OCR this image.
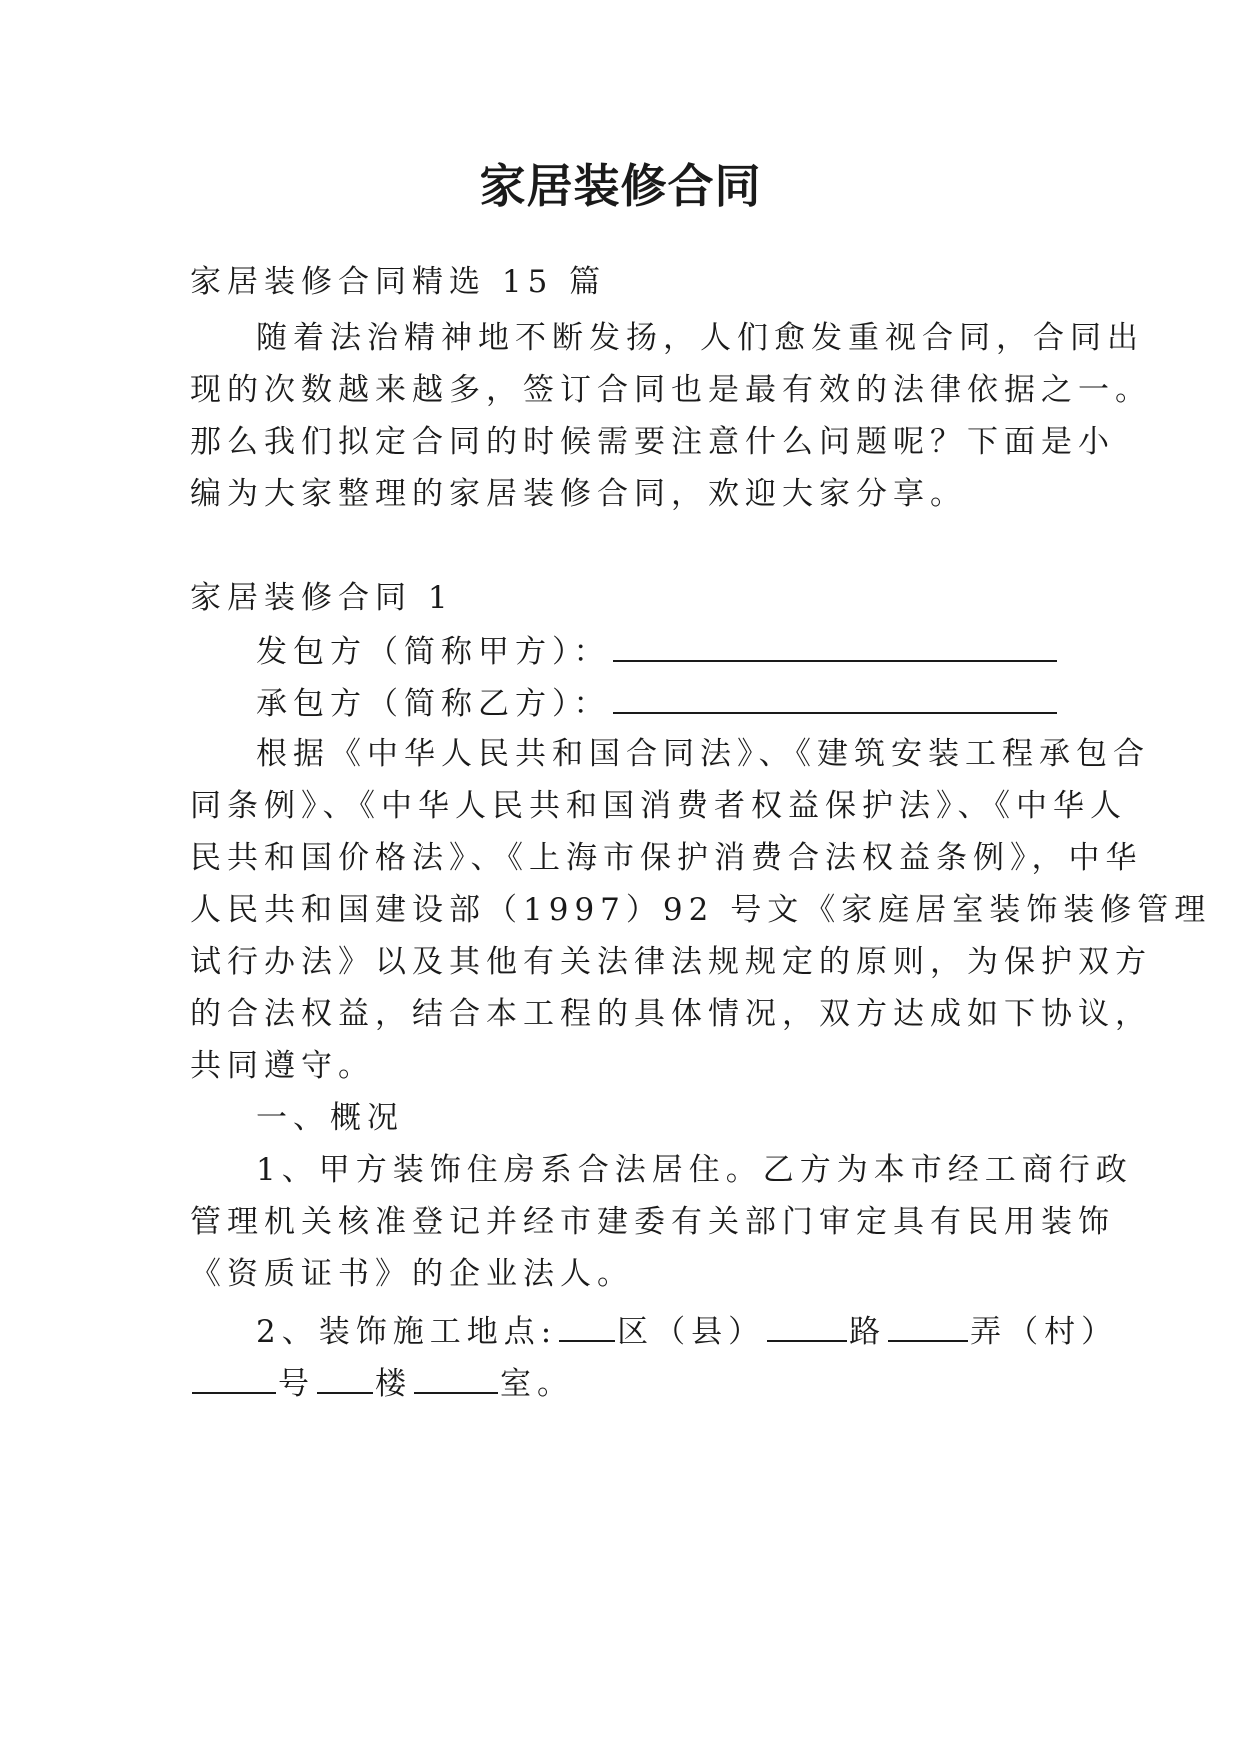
家居装修合同
家居装修合同精选 15 篇
随着法治精神地不断发扬，人们愈发重视合同，合同出
现的次数越来越多，签订合同也是最有效的法律依据之一。
那么我们拟定合同的时候需要注意什么问题呢？下面是小
编为大家整理的家居装修合同，欢迎大家分享。
家居装修合同 1
发包方（简称甲方）：
承包方（简称乙方）：
根据《中华人民共和国合同法》、《建筑安装工程承包合
同条例》、《中华人民共和国消费者权益保护法》、《中华人
民共和国价格法》、《上海市保护消费合法权益条例》，中华
人民共和国建设部（1997）92 号文《家庭居室装饰装修管理
试行办法》以及其他有关法律法规规定的原则，为保护双方
的合法权益，结合本工程的具体情况，双方达成如下协议，
共同遵守。
一、概况
1、甲方装饰住房系合法居住。乙方为本市经工商行政
管理机关核准登记并经市建委有关部门审定具有民用装饰
《资质证书》的企业法人。
2、装饰施工地点: 区（县）	路	弄（村）
号 楼	室。
